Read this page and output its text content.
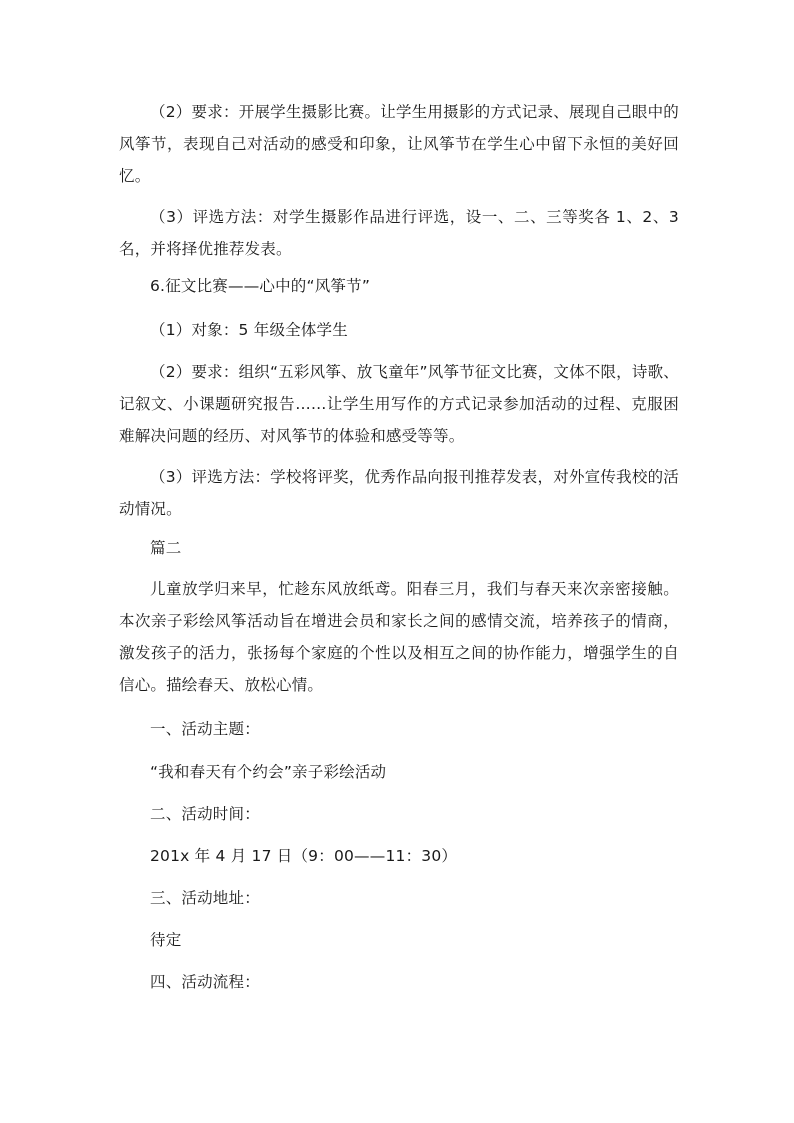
（2）要求：开展学生摄影比赛。让学生用摄影的方式记录、展现自己眼中的风筝节，表现自己对活动的感受和印象，让风筝节在学生心中留下永恒的美好回忆。

（3）评选方法：对学生摄影作品进行评选，设一、二、三等奖各 1、2、3 名，并将择优推荐发表。

6.征文比赛——心中的“风筝节”

（1）对象：5 年级全体学生

（2）要求：组织“五彩风筝、放飞童年”风筝节征文比赛，文体不限，诗歌、记叙文、小课题研究报告……让学生用写作的方式记录参加活动的过程、克服困难解决问题的经历、对风筝节的体验和感受等等。

（3）评选方法：学校将评奖，优秀作品向报刊推荐发表，对外宣传我校的活动情况。

篇二

儿童放学归来早，忙趁东风放纸鸢。阳春三月，我们与春天来次亲密接触。本次亲子彩绘风筝活动旨在增进会员和家长之间的感情交流，培养孩子的情商，激发孩子的活力，张扬每个家庭的个性以及相互之间的协作能力，增强学生的自信心。描绘春天、放松心情。

一、活动主题：

“我和春天有个约会”亲子彩绘活动

二、活动时间：

201x 年 4 月 17 日（9：00——11：30）

三、活动地址：

待定

四、活动流程：
